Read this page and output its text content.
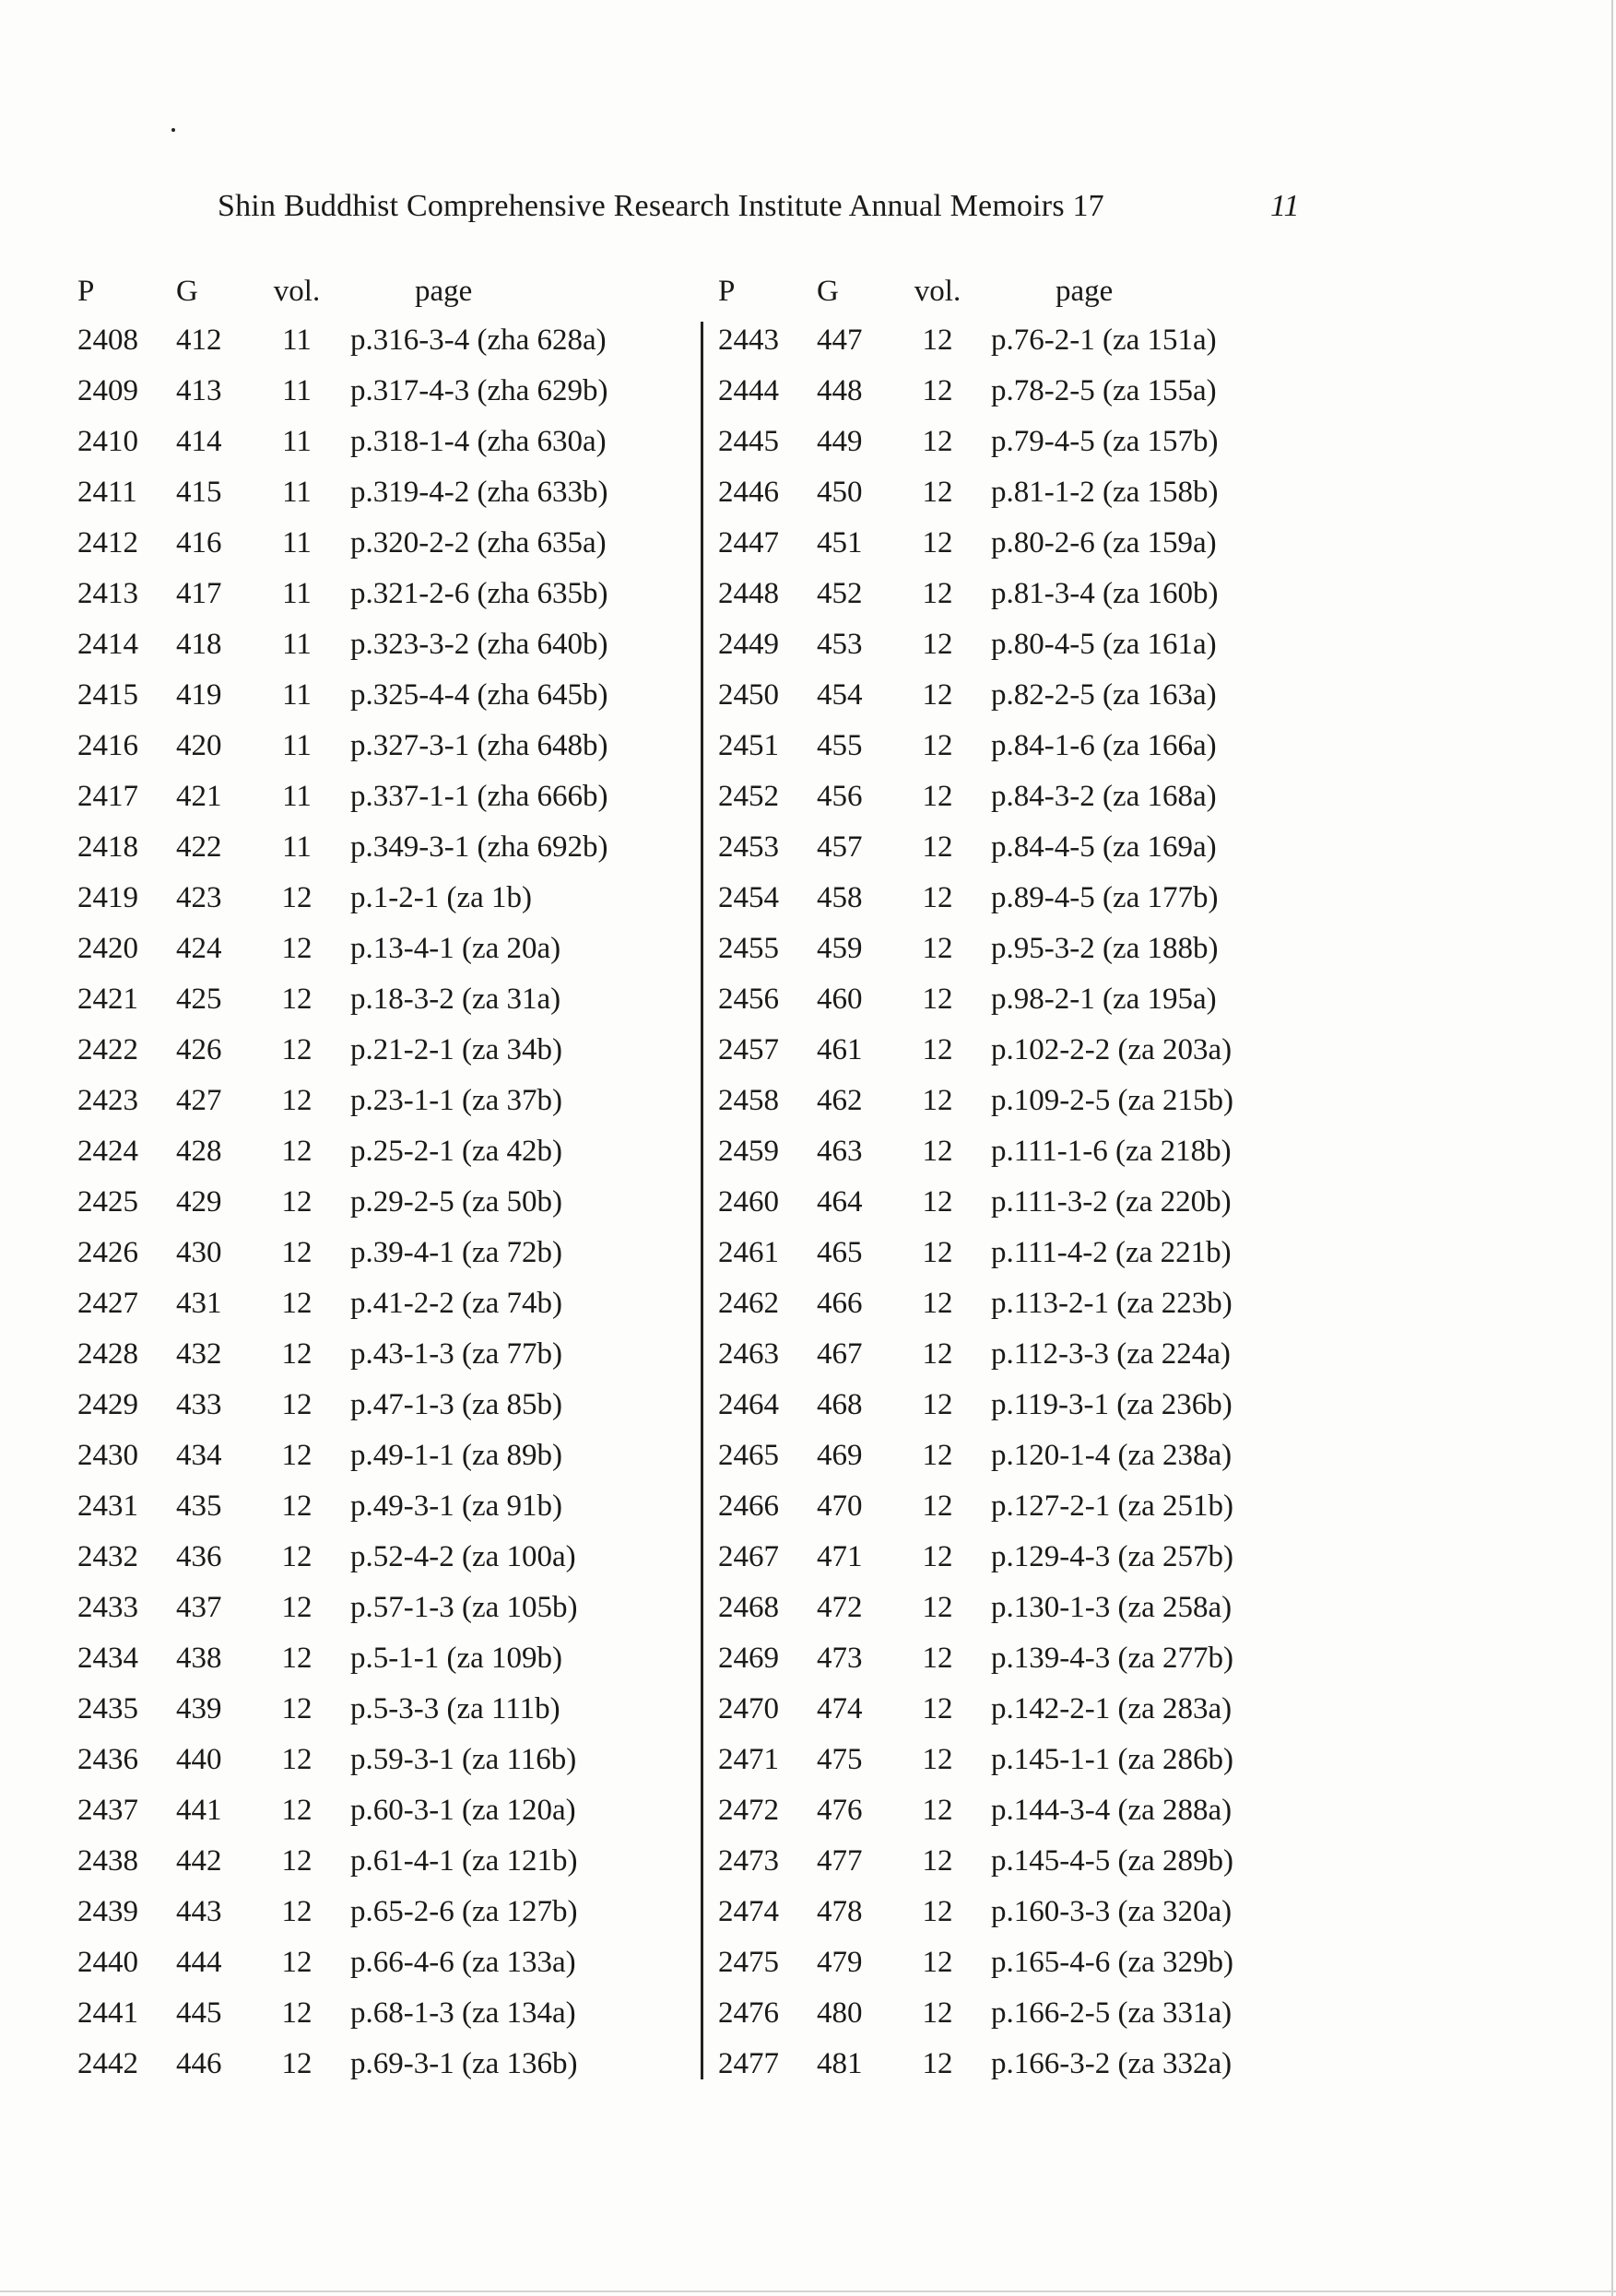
Shin Buddhist Comprehensive Research Institute Annual Memoirs 17	11
P	G	vol.	page
2408	412	11	p.316-3-4 (zha 628a)
2409	413	11	p.317-4-3 (zha 629b)
2410	414	11	p.318-1-4 (zha 630a)
2411	415	11	p.319-4-2 (zha 633b)
2412	416	11	p.320-2-2 (zha 635a)
2413	417	11	p.321-2-6 (zha 635b)
2414	418	11	p.323-3-2 (zha 640b)
2415	419	11	p.325-4-4 (zha 645b)
2416	420	11	p.327-3-1 (zha 648b)
2417	421	11	p.337-1-1 (zha 666b)
2418	422	11	p.349-3-1 (zha 692b)
2419	423	12	p.1-2-1 (za 1b)
2420	424	12	p.13-4-1 (za 20a)
2421	425	12	p.18-3-2 (za 31a)
2422	426	12	p.21-2-1 (za 34b)
2423	427	12	p.23-1-1 (za 37b)
2424	428	12	p.25-2-1 (za 42b)
2425	429	12	p.29-2-5 (za 50b)
2426	430	12	p.39-4-1 (za 72b)
2427	431	12	p.41-2-2 (za 74b)
2428	432	12	p.43-1-3 (za 77b)
2429	433	12	p.47-1-3 (za 85b)
2430	434	12	p.49-1-1 (za 89b)
2431	435	12	p.49-3-1 (za 91b)
2432	436	12	p.52-4-2 (za 100a)
2433	437	12	p.57-1-3 (za 105b)
2434	438	12	p.5-1-1 (za 109b)
2435	439	12	p.5-3-3 (za 111b)
2436	440	12	p.59-3-1 (za 116b)
2437	441	12	p.60-3-1 (za 120a)
2438	442	12	p.61-4-1 (za 121b)
2439	443	12	p.65-2-6 (za 127b)
2440	444	12	p.66-4-6 (za 133a)
2441	445	12	p.68-1-3 (za 134a)
2442	446	12	p.69-3-1 (za 136b)
P	G	vol.	page
2443	447	12	p.76-2-1 (za 151a)
2444	448	12	p.78-2-5 (za 155a)
2445	449	12	p.79-4-5 (za 157b)
2446	450	12	p.81-1-2 (za 158b)
2447	451	12	p.80-2-6 (za 159a)
2448	452	12	p.81-3-4 (za 160b)
2449	453	12	p.80-4-5 (za 161a)
2450	454	12	p.82-2-5 (za 163a)
2451	455	12	p.84-1-6 (za 166a)
2452	456	12	p.84-3-2 (za 168a)
2453	457	12	p.84-4-5 (za 169a)
2454	458	12	p.89-4-5 (za 177b)
2455	459	12	p.95-3-2 (za 188b)
2456	460	12	p.98-2-1 (za 195a)
2457	461	12	p.102-2-2 (za 203a)
2458	462	12	p.109-2-5 (za 215b)
2459	463	12	p.111-1-6 (za 218b)
2460	464	12	p.111-3-2 (za 220b)
2461	465	12	p.111-4-2 (za 221b)
2462	466	12	p.113-2-1 (za 223b)
2463	467	12	p.112-3-3 (za 224a)
2464	468	12	p.119-3-1 (za 236b)
2465	469	12	p.120-1-4 (za 238a)
2466	470	12	p.127-2-1 (za 251b)
2467	471	12	p.129-4-3 (za 257b)
2468	472	12	p.130-1-3 (za 258a)
2469	473	12	p.139-4-3 (za 277b)
2470	474	12	p.142-2-1 (za 283a)
2471	475	12	p.145-1-1 (za 286b)
2472	476	12	p.144-3-4 (za 288a)
2473	477	12	p.145-4-5 (za 289b)
2474	478	12	p.160-3-3 (za 320a)
2475	479	12	p.165-4-6 (za 329b)
2476	480	12	p.166-2-5 (za 331a)
2477	481	12	p.166-3-2 (za 332a)
